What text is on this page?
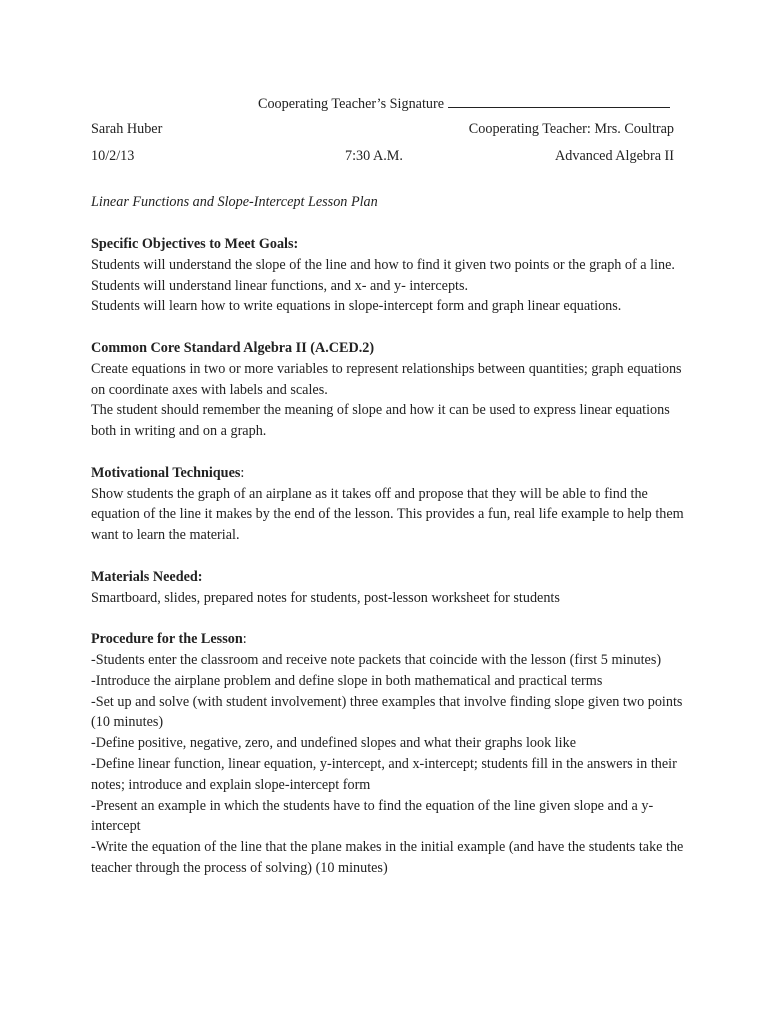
Cooperating Teacher’s Signature
Sarah Huber	Cooperating Teacher: Mrs. Coultrap
10/2/13	7:30 A.M.	Advanced Algebra II
Linear Functions and Slope-Intercept Lesson Plan

Specific Objectives to Meet Goals:

Students will understand the slope of the line and how to find it given two points or the graph of a line.

Students will understand linear functions, and x- and y- intercepts.

Students will learn how to write equations in slope-intercept form and graph linear equations.

Common Core Standard Algebra II (A.CED.2)

Create equations in two or more variables to represent relationships between quantities; graph equations on coordinate axes with labels and scales.

The student should remember the meaning of slope and how it can be used to express linear equations both in writing and on a graph.

Motivational Techniques:

Show students the graph of an airplane as it takes off and propose that they will be able to find the equation of the line it makes by the end of the lesson. This provides a fun, real life example to help them want to learn the material.

Materials Needed:

Smartboard, slides, prepared notes for students, post-lesson worksheet for students

Procedure for the Lesson:

-Students enter the classroom and receive note packets that coincide with the lesson (first 5 minutes)

-Introduce the airplane problem and define slope in both mathematical and practical terms

-Set up and solve (with student involvement) three examples that involve finding slope given two points (10 minutes)

-Define positive, negative, zero, and undefined slopes and what their graphs look like

-Define linear function, linear equation, y-intercept, and x-intercept; students fill in the answers in their notes; introduce and explain slope-intercept form

-Present an example in which the students have to find the equation of the line given slope and a y-intercept

-Write the equation of the line that the plane makes in the initial example (and have the students take the teacher through the process of solving) (10 minutes)
